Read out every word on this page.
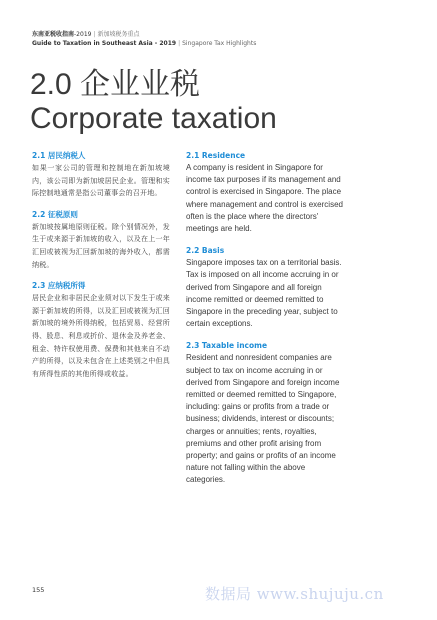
东南亚税收指南-2019 | 新加坡税务重点
Guide to Taxation in Southeast Asia - 2019 | Singapore Tax Highlights
2.0 企业业税
Corporate taxation
2.1 居民纳税人
如果一家公司的管理和控制地在新加坡境内，该公司即为新加坡居民企业。管理和实际控制地通常是指公司董事会的召开地。
2.2 征税原则
新加坡按属地原则征税。除个别情况外，发生于或来源于新加坡的收入，以及在上一年汇回或被视为汇回新加坡的海外收入，都需纳税。
2.3 应纳税所得
居民企业和非居民企业须对以下发生于或来源于新加坡的所得，以及汇回或被视为汇回新加坡的境外所得纳税，包括贸易、经营所得、股息、利息或折价、退休金及养老金、租金、特许权使用费、保费和其他来自不动产的所得，以及未包含在上述类别之中但具有所得性质的其他所得或收益。
2.1 Residence
A company is resident in Singapore for income tax purposes if its management and control is exercised in Singapore. The place where management and control is exercised often is the place where the directors' meetings are held.
2.2 Basis
Singapore imposes tax on a territorial basis. Tax is imposed on all income accruing in or derived from Singapore and all foreign income remitted or deemed remitted to Singapore in the preceding year, subject to certain exceptions.
2.3 Taxable income
Resident and nonresident companies are subject to tax on income accruing in or derived from Singapore and foreign income remitted or deemed remitted to Singapore, including: gains or profits from a trade or business; dividends, interest or discounts; charges or annuities; rents, royalties, premiums and other profit arising from property; and gains or profits of an income nature not falling within the above categories.
155	数据局 www.shujuju.cn
